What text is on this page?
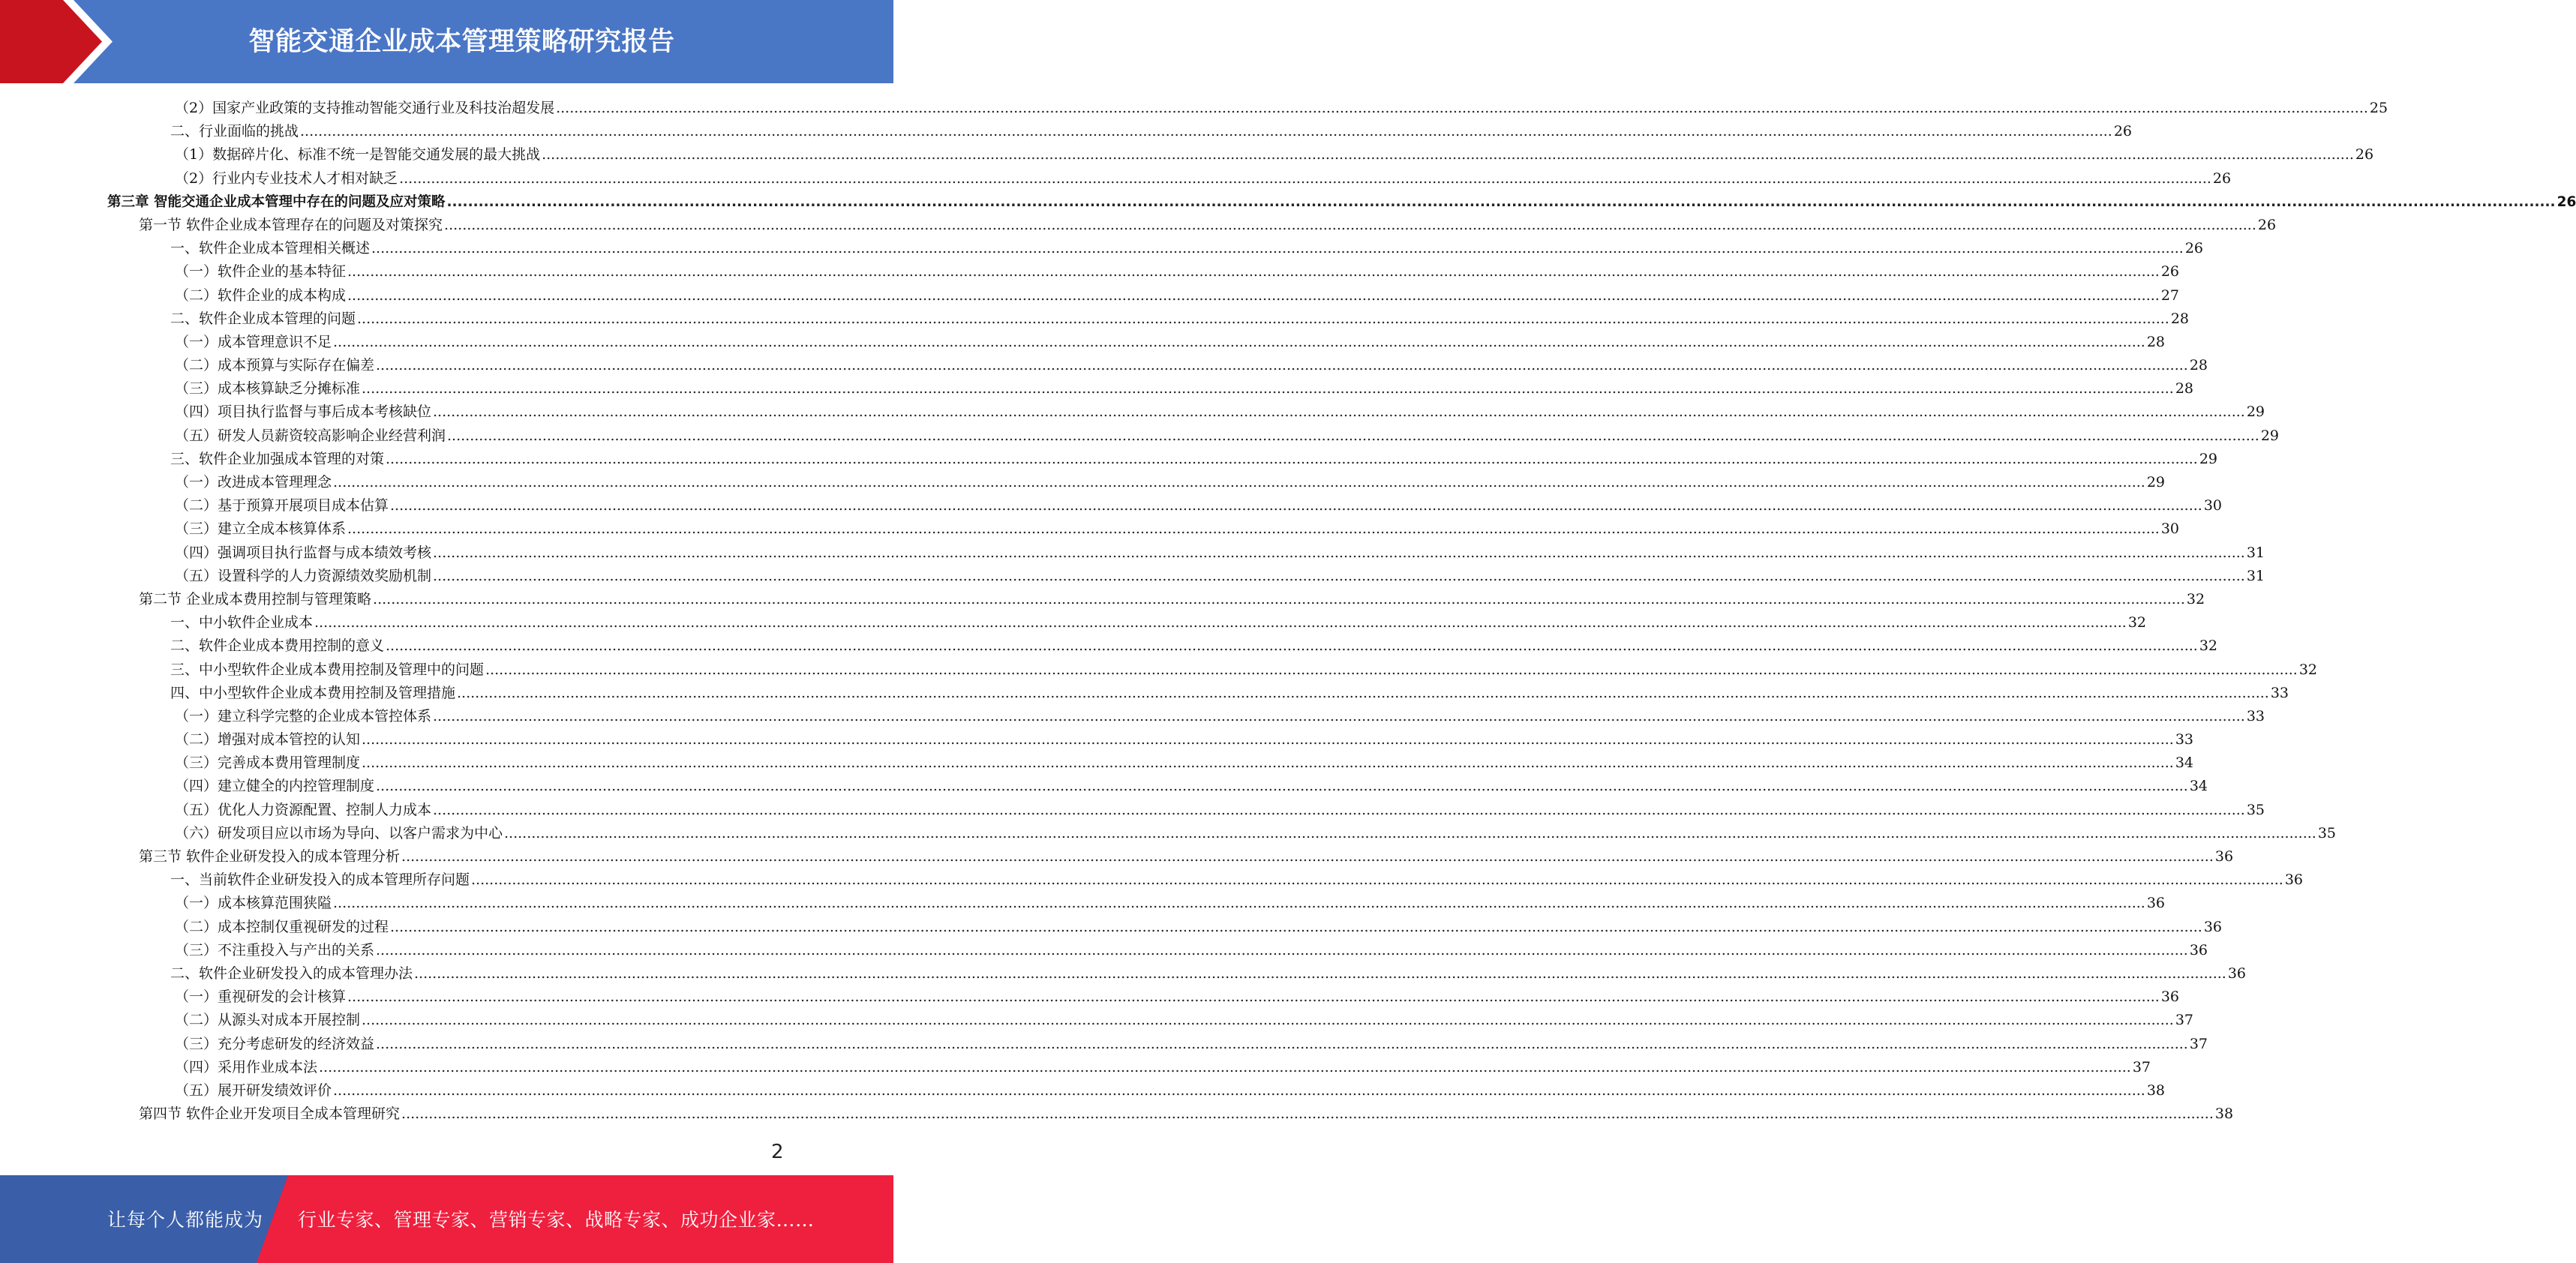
智能交通企业成本管理策略研究报告
（2）国家产业政策的支持推动智能交通行业及科技治超发展 ................................................................................................................................................................................................................................................................................................................................................................................................................ 25
二、行业面临的挑战 ................................................................................................................................................................................................................................................................................................................................................................................................................ 26
（1）数据碎片化、标准不统一是智能交通发展的最大挑战 ................................................................................................................................................................................................................................................................................................................................................................................................................ 26
（2）行业内专业技术人才相对缺乏 ................................................................................................................................................................................................................................................................................................................................................................................................................ 26
第三章 智能交通企业成本管理中存在的问题及应对策略 ................................................................................................................................................................................................................................................................................................................................................................................................................ 26
第一节 软件企业成本管理存在的问题及对策探究 ................................................................................................................................................................................................................................................................................................................................................................................................................ 26
一、软件企业成本管理相关概述 ................................................................................................................................................................................................................................................................................................................................................................................................................ 26
（一）软件企业的基本特征 ................................................................................................................................................................................................................................................................................................................................................................................................................ 26
（二）软件企业的成本构成 ................................................................................................................................................................................................................................................................................................................................................................................................................ 27
二、软件企业成本管理的问题 ................................................................................................................................................................................................................................................................................................................................................................................................................ 28
（一）成本管理意识不足 ................................................................................................................................................................................................................................................................................................................................................................................................................ 28
（二）成本预算与实际存在偏差 ................................................................................................................................................................................................................................................................................................................................................................................................................ 28
（三）成本核算缺乏分摊标准 ................................................................................................................................................................................................................................................................................................................................................................................................................ 28
（四）项目执行监督与事后成本考核缺位 ................................................................................................................................................................................................................................................................................................................................................................................................................ 29
（五）研发人员薪资较高影响企业经营利润 ................................................................................................................................................................................................................................................................................................................................................................................................................ 29
三、软件企业加强成本管理的对策 ................................................................................................................................................................................................................................................................................................................................................................................................................ 29
（一）改进成本管理理念 ................................................................................................................................................................................................................................................................................................................................................................................................................ 29
（二）基于预算开展项目成本估算 ................................................................................................................................................................................................................................................................................................................................................................................................................ 30
（三）建立全成本核算体系 ................................................................................................................................................................................................................................................................................................................................................................................................................ 30
（四）强调项目执行监督与成本绩效考核 ................................................................................................................................................................................................................................................................................................................................................................................................................ 31
（五）设置科学的人力资源绩效奖励机制 ................................................................................................................................................................................................................................................................................................................................................................................................................ 31
第二节 企业成本费用控制与管理策略 ................................................................................................................................................................................................................................................................................................................................................................................................................ 32
一、中小软件企业成本 ................................................................................................................................................................................................................................................................................................................................................................................................................ 32
二、软件企业成本费用控制的意义 ................................................................................................................................................................................................................................................................................................................................................................................................................ 32
三、中小型软件企业成本费用控制及管理中的问题 ................................................................................................................................................................................................................................................................................................................................................................................................................ 32
四、中小型软件企业成本费用控制及管理措施 ................................................................................................................................................................................................................................................................................................................................................................................................................ 33
（一）建立科学完整的企业成本管控体系 ................................................................................................................................................................................................................................................................................................................................................................................................................ 33
（二）增强对成本管控的认知 ................................................................................................................................................................................................................................................................................................................................................................................................................ 33
（三）完善成本费用管理制度 ................................................................................................................................................................................................................................................................................................................................................................................................................ 34
（四）建立健全的内控管理制度 ................................................................................................................................................................................................................................................................................................................................................................................................................ 34
（五）优化人力资源配置、控制人力成本 ................................................................................................................................................................................................................................................................................................................................................................................................................ 35
（六）研发项目应以市场为导向、以客户需求为中心 ................................................................................................................................................................................................................................................................................................................................................................................................................ 35
第三节 软件企业研发投入的成本管理分析 ................................................................................................................................................................................................................................................................................................................................................................................................................ 36
一、当前软件企业研发投入的成本管理所存问题 ................................................................................................................................................................................................................................................................................................................................................................................................................ 36
（一）成本核算范围狭隘 ................................................................................................................................................................................................................................................................................................................................................................................................................ 36
（二）成本控制仅重视研发的过程 ................................................................................................................................................................................................................................................................................................................................................................................................................ 36
（三）不注重投入与产出的关系 ................................................................................................................................................................................................................................................................................................................................................................................................................ 36
二、软件企业研发投入的成本管理办法 ................................................................................................................................................................................................................................................................................................................................................................................................................ 36
（一）重视研发的会计核算 ................................................................................................................................................................................................................................................................................................................................................................................................................ 36
（二）从源头对成本开展控制 ................................................................................................................................................................................................................................................................................................................................................................................................................ 37
（三）充分考虑研发的经济效益 ................................................................................................................................................................................................................................................................................................................................................................................................................ 37
（四）采用作业成本法 ................................................................................................................................................................................................................................................................................................................................................................................................................ 37
（五）展开研发绩效评价 ................................................................................................................................................................................................................................................................................................................................................................................................................ 38
第四节 软件企业开发项目全成本管理研究 ................................................................................................................................................................................................................................................................................................................................................................................................................ 38
2
让每个人都能成为 行业专家、管理专家、营销专家、战略专家、成功企业家……
